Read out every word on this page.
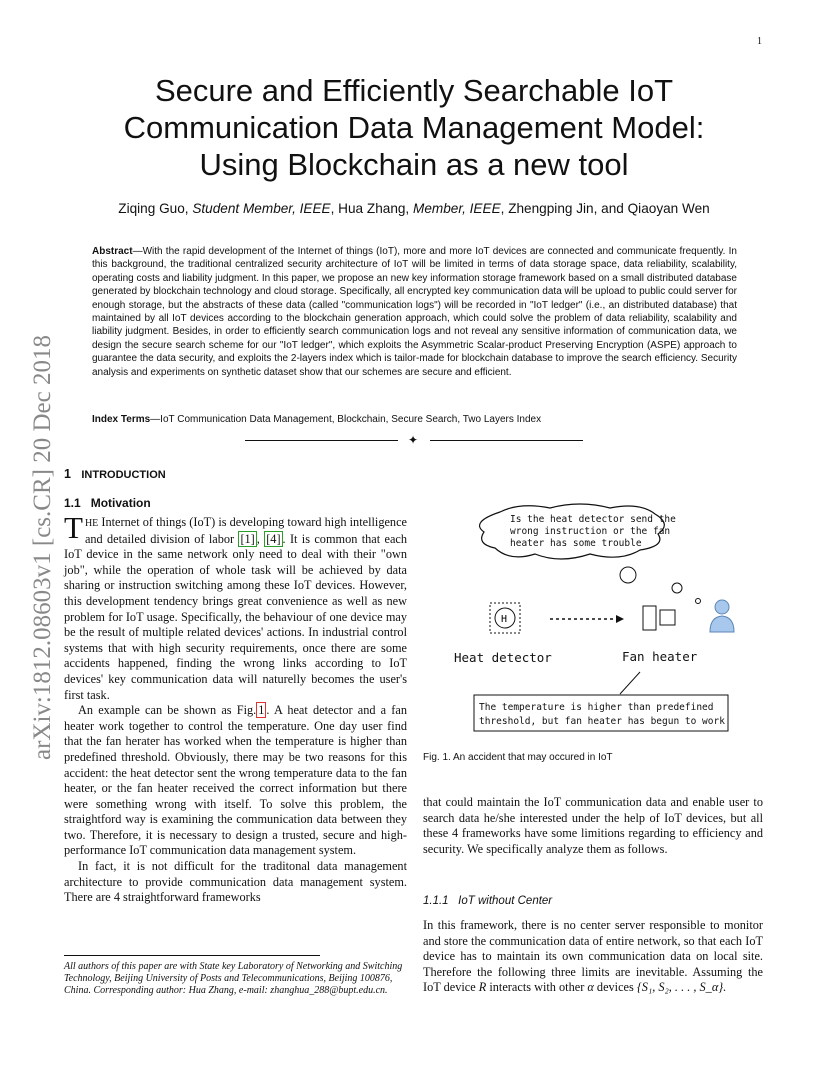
1
arXiv:1812.08603v1 [cs.CR] 20 Dec 2018
Secure and Efficiently Searchable IoT Communication Data Management Model: Using Blockchain as a new tool
Ziqing Guo, Student Member, IEEE, Hua Zhang, Member, IEEE, Zhengping Jin, and Qiaoyan Wen
Abstract—With the rapid development of the Internet of things (IoT), more and more IoT devices are connected and communicate frequently. In this background, the traditional centralized security architecture of IoT will be limited in terms of data storage space, data reliability, scalability, operating costs and liability judgment. In this paper, we propose an new key information storage framework based on a small distributed database generated by blockchain technology and cloud storage. Specifically, all encrypted key communication data will be upload to public could server for enough storage, but the abstracts of these data (called "communication logs") will be recorded in "IoT ledger" (i.e., an distributed database) that maintained by all IoT devices according to the blockchain generation approach, which could solve the problem of data reliability, scalability and liability judgment. Besides, in order to efficiently search communication logs and not reveal any sensitive information of communication data, we design the secure search scheme for our "IoT ledger", which exploits the Asymmetric Scalar-product Preserving Encryption (ASPE) approach to guarantee the data security, and exploits the 2-layers index which is tailor-made for blockchain database to improve the search efficiency. Security analysis and experiments on synthetic dataset show that our schemes are secure and efficient.
Index Terms—IoT Communication Data Management, Blockchain, Secure Search, Two Layers Index
✦
1 INTRODUCTION
1.1 Motivation

THE Internet of things (IoT) is developing toward high intelligence and detailed division of labor [1] , [4] . It is common that each IoT device in the same network only need to deal with their "own job", while the operation of whole task will be achieved by data sharing or instruction switching among these IoT devices. However, this development tendency brings great convenience as well as new problem for IoT usage. Specifically, the behaviour of one device may be the result of multiple related devices' actions. In industrial control systems that with high security requirements, once there are some accidents happened, finding the wrong links according to IoT devices' key communication data will naturelly becomes the user's first task.

An example can be shown as Fig. 1 . A heat detector and a fan heater work together to control the temperature. One day user find that the fan herater has worked when the temperature is higher than predefined threshold. Obviously, there may be two reasons for this accident: the heat detector sent the wrong temperature data to the fan heater, or the fan heater received the correct information but there were something wrong with itself. To solve this problem, the straightford way is examining the communication data between they two. Therefore, it is necessary to design a trusted, secure and high-performance IoT communication data management system.

In fact, it is not difficult for the traditonal data management architecture to provide communication data management system. There are 4 straightforward frameworks

All authors of this paper are with State key Laboratory of Networking and Switching Technology, Beijing University of Posts and Telecommunications, Beijing 100876, China. Corresponding author: Hua Zhang, e-mail: zhanghua_288@bupt.edu.cn.
Is the heat detector send the
wrong instruction or the fan
heater has some trouble
H
Heat detector	Fan heater
The temperature is higher than predefined
threshold, but fan heater has begun to work
Fig. 1. An accident that may occured in IoT

that could maintain the IoT communication data and enable user to search data he/she interested under the help of IoT devices, but all these 4 frameworks have some limitions regarding to efficiency and security. We specifically analyze them as follows.

1.1.1 IoT without Center

In this framework, there is no center server responsible to monitor and store the communication data of entire network, so that each IoT device has to maintain its own communication data on local site. Therefore the following three limits are inevitable. Assuming the IoT device R interacts with other α devices {S₁, S₂, . . . , S_α}.
